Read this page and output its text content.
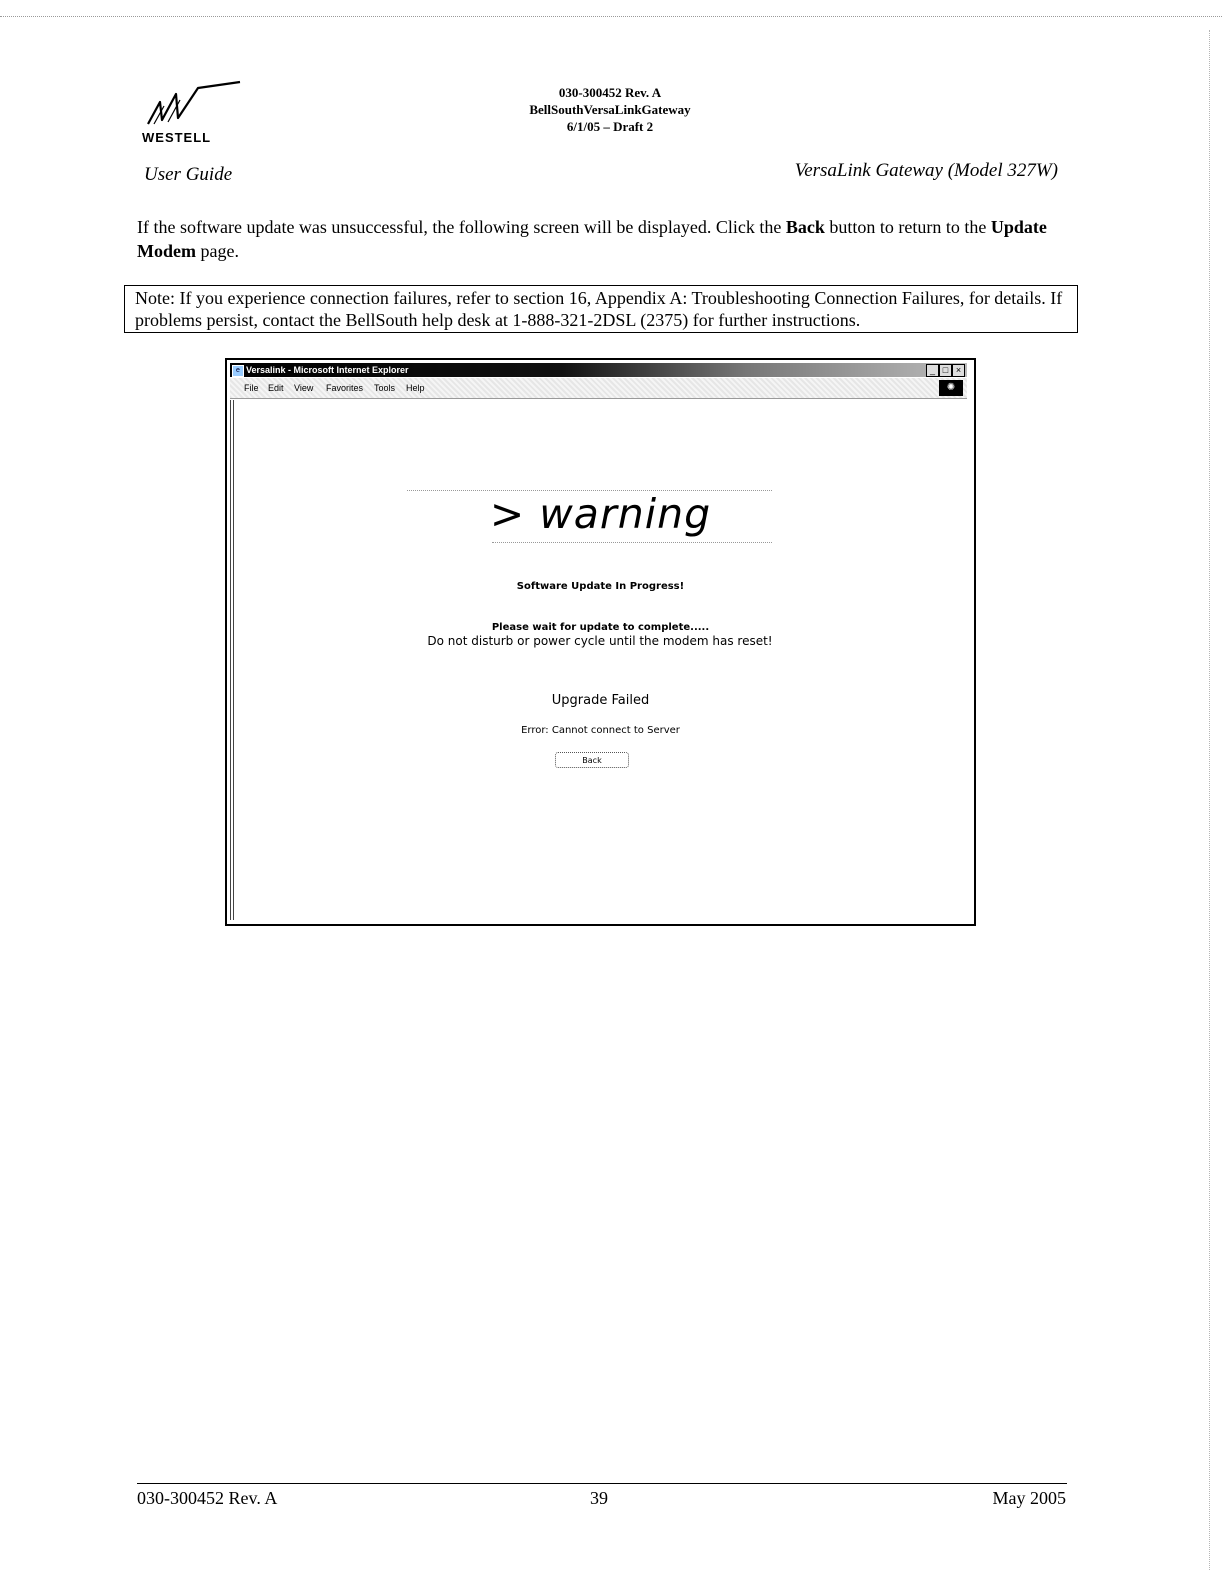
WESTELL
030-300452 Rev. A
BellSouthVersaLinkGateway
6/1/05 – Draft 2
User Guide	VersaLink Gateway (Model 327W)
If the software update was unsuccessful, the following screen will be displayed. Click the Back button to return to the Update Modem page.
Note: If you experience connection failures, refer to section 16, Appendix A: Troubleshooting Connection Failures, for details. If problems persist, contact the BellSouth help desk at 1-888-321-2DSL (2375) for further instructions.
e Versalink - Microsoft Internet Explorer	_ □ ×
File Edit View Favorites Tools Help	✺
> warning
Software Update In Progress!
Please wait for update to complete.....
Do not disturb or power cycle until the modem has reset!
Upgrade Failed
Error: Cannot connect to Server
Back
030-300452 Rev. A	39	May 2005
